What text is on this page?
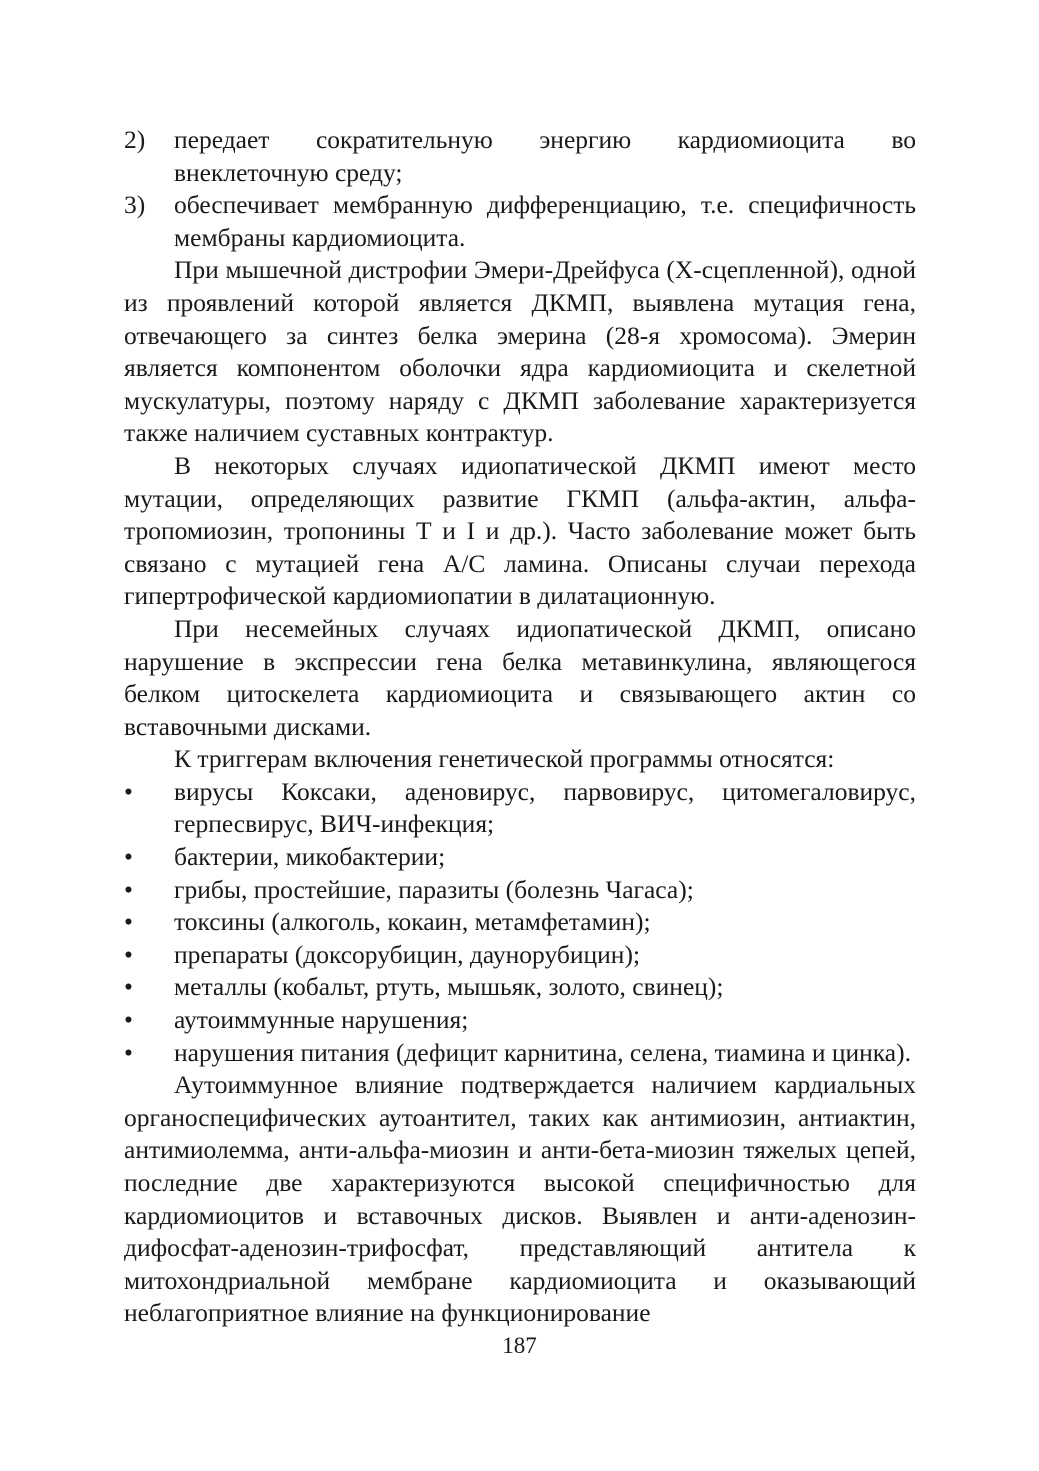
2)	передает сократительную энергию кардиомиоцита во внеклеточную среду;
3)	обеспечивает мембранную дифференциацию, т.е. специфичность мембраны кардиомиоцита.

При мышечной дистрофии Эмери-Дрейфуса (Х-сцепленной), одной из проявлений которой является ДКМП, выявлена мутация гена, отвечающего за синтез белка эмерина (28-я хромосома). Эмерин является компонентом оболочки ядра кардиомиоцита и скелетной мускулатуры, поэтому наряду с ДКМП заболевание характеризуется также наличием суставных контрактур.

В некоторых случаях идиопатической ДКМП имеют место мутации, определяющих развитие ГКМП (альфа-актин, альфа-тропомиозин, тропонины Т и I и др.). Часто заболевание может быть связано с мутацией гена A/C ламина. Описаны случаи перехода гипертрофической кардиомиопатии в дилатационную.

При несемейных случаях идиопатической ДКМП, описано нарушение в экспрессии гена белка метавинкулина, являющегося белком цитоскелета кардиомиоцита и связывающего актин со вставочными дисками.

К триггерам включения генетической программы относятся:

•	вирусы Коксаки, аденовирус, парвовирус, цитомегаловирус, герпесвирус, ВИЧ-инфекция;
•	бактерии, микобактерии;
•	грибы, простейшие, паразиты (болезнь Чагаса);
•	токсины (алкоголь, кокаин, метамфетамин);
•	препараты (доксорубицин, даунорубицин);
•	металлы (кобальт, ртуть, мышьяк, золото, свинец);
•	аутоиммунные нарушения;
•	нарушения питания (дефицит карнитина, селена, тиамина и цинка).

Аутоиммунное влияние подтверждается наличием кардиальных органоспецифических аутоантител, таких как антимиозин, антиактин, антимиолемма, анти-альфа-миозин и анти-бета-миозин тяжелых цепей, последние две характеризуются высокой специфичностью для кардиомиоцитов и вставочных дисков. Выявлен и анти-аденозин-дифосфат-аденозин-трифосфат, представляющий антитела к митохондриальной мембране кардиомиоцита и оказывающий неблагоприятное влияние на функционирование

187
